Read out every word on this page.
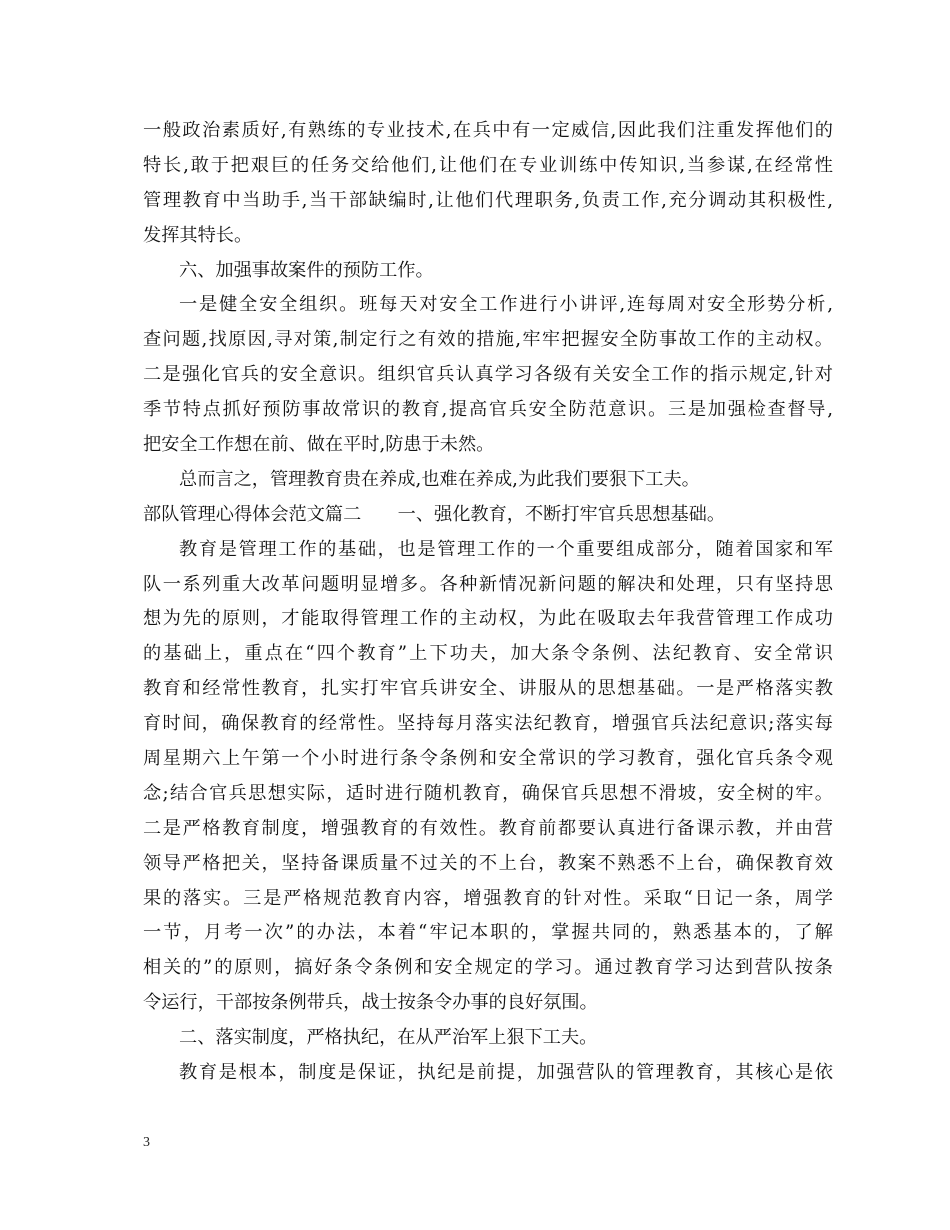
一般政治素质好,有熟练的专业技术,在兵中有一定威信,因此我们注重发挥他们的
特长,敢于把艰巨的任务交给他们,让他们在专业训练中传知识,当参谋,在经常性
管理教育中当助手,当干部缺编时,让他们代理职务,负责工作,充分调动其积极性,
发挥其特长。
六、加强事故案件的预防工作。
一是健全安全组织。班每天对安全工作进行小讲评,连每周对安全形势分析,
查问题,找原因,寻对策,制定行之有效的措施,牢牢把握安全防事故工作的主动权。
二是强化官兵的安全意识。组织官兵认真学习各级有关安全工作的指示规定,针对
季节特点抓好预防事故常识的教育,提高官兵安全防范意识。三是加强检查督导,
把安全工作想在前、做在平时,防患于未然。
总而言之，管理教育贵在养成,也难在养成,为此我们要狠下工夫。
部队管理心得体会范文篇二　　一、强化教育，不断打牢官兵思想基础。
教育是管理工作的基础，也是管理工作的一个重要组成部分，随着国家和军
队一系列重大改革问题明显增多。各种新情况新问题的解决和处理，只有坚持思
想为先的原则，才能取得管理工作的主动权，为此在吸取去年我营管理工作成功
的基础上，重点在“四个教育”上下功夫，加大条令条例、法纪教育、安全常识
教育和经常性教育，扎实打牢官兵讲安全、讲服从的思想基础。一是严格落实教
育时间，确保教育的经常性。坚持每月落实法纪教育，增强官兵法纪意识;落实每
周星期六上午第一个小时进行条令条例和安全常识的学习教育，强化官兵条令观
念;结合官兵思想实际，适时进行随机教育，确保官兵思想不滑坡，安全树的牢。
二是严格教育制度，增强教育的有效性。教育前都要认真进行备课示教，并由营
领导严格把关，坚持备课质量不过关的不上台，教案不熟悉不上台，确保教育效
果的落实。三是严格规范教育内容，增强教育的针对性。采取“日记一条，周学
一节，月考一次”的办法，本着“牢记本职的，掌握共同的，熟悉基本的，了解
相关的”的原则，搞好条令条例和安全规定的学习。通过教育学习达到营队按条
令运行，干部按条例带兵，战士按条令办事的良好氛围。
二、落实制度，严格执纪，在从严治军上狠下工夫。
教育是根本，制度是保证，执纪是前提，加强营队的管理教育，其核心是依
3
